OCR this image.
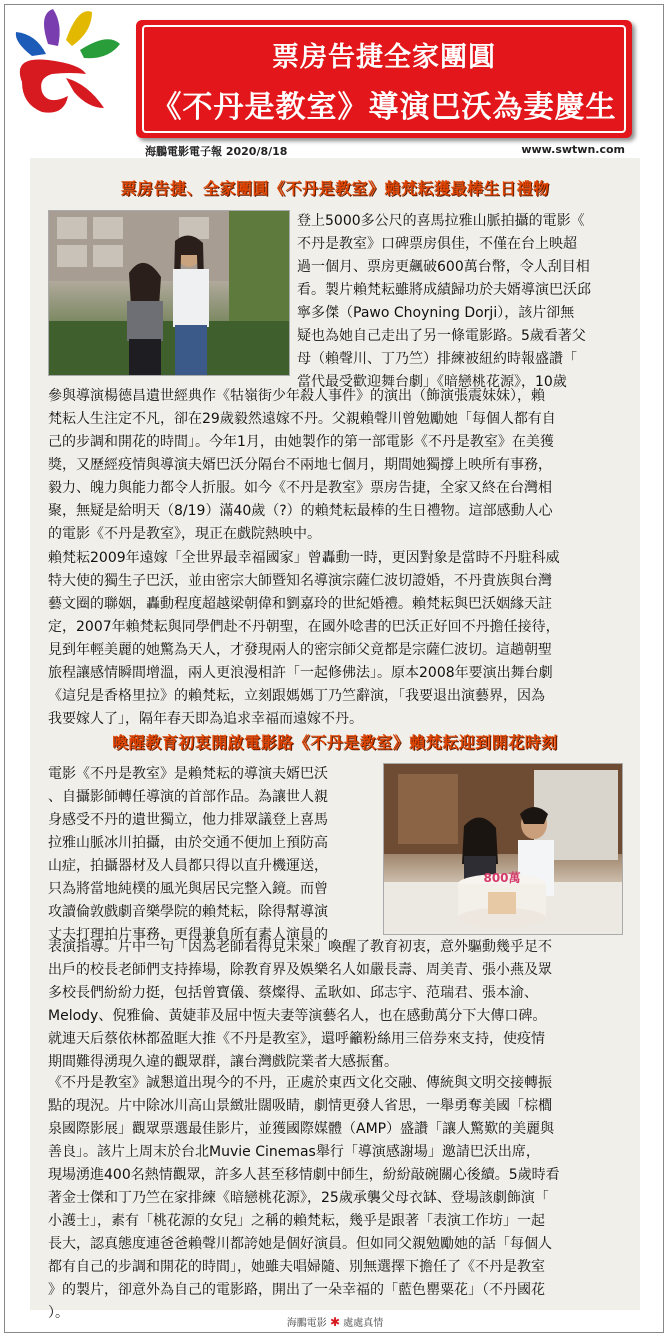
票房告捷全家團圓
《不丹是教室》導演巴沃為妻慶生
海鵬電影電子報 2020/8/18	www.swtwn.com
票房告捷、全家團圓《不丹是教室》賴梵耘獲最棒生日禮物

登上5000多公尺的喜馬拉雅山脈拍攝的電影《

不丹是教室》口碑票房俱佳，不僅在台上映超

過一個月、票房更飆破600萬台幣，令人刮目相

看。製片賴梵耘雖將成績歸功於夫婿導演巴沃邱

寧多傑（Pawo Choyning Dorji），該片卻無

疑也為她自己走出了另一條電影路。5歲看著父

母（賴聲川、丁乃竺）排練被紐約時報盛讚「

當代最受歡迎舞台劇」《暗戀桃花源》，10歲

參與導演楊德昌遺世經典作《牯嶺街少年殺人事件》的演出（飾演張震妹妹），賴

梵耘人生注定不凡，卻在29歲毅然遠嫁不丹。父親賴聲川曾勉勵她「每個人都有自

己的步調和開花的時間」。今年1月，由她製作的第一部電影《不丹是教室》在美獲

獎，又歷經疫情與導演夫婿巴沃分隔台不兩地七個月，期間她獨撐上映所有事務，

毅力、魄力與能力都令人折服。如今《不丹是教室》票房告捷，全家又終在台灣相

聚，無疑是給明天（8/19）滿40歲（?）的賴梵耘最棒的生日禮物。這部感動人心

的電影《不丹是教室》，現正在戲院熱映中。

賴梵耘2009年遠嫁「全世界最幸福國家」曾轟動一時，更因對象是當時不丹駐科威

特大使的獨生子巴沃，並由密宗大師暨知名導演宗薩仁波切證婚，不丹貴族與台灣

藝文圈的聯姻，轟動程度超越梁朝偉和劉嘉玲的世紀婚禮。賴梵耘與巴沃姻緣天註

定，2007年賴梵耘與同學們赴不丹朝聖，在國外唸書的巴沃正好回不丹擔任接待，

見到年輕美麗的她驚為天人，才發現兩人的密宗師父竟都是宗薩仁波切。這趟朝聖

旅程讓感情瞬間增溫，兩人更浪漫相許「一起修佛法」。原本2008年要演出舞台劇

《這兒是香格里拉》的賴梵耘，立刻跟媽媽丁乃竺辭演，「我要退出演藝界，因為

我要嫁人了」，隔年春天即為追求幸福而遠嫁不丹。

喚醒教育初衷開啟電影路《不丹是教室》賴梵耘迎到開花時刻

電影《不丹是教室》是賴梵耘的導演夫婿巴沃

、自攝影師轉任導演的首部作品。為讓世人親

身感受不丹的遺世獨立，他力排眾議登上喜馬

拉雅山脈冰川拍攝，由於交通不便加上預防高

山症，拍攝器材及人員都只得以直升機運送，

只為將當地純樸的風光與居民完整入鏡。而曾

攻讀倫敦戲劇音樂學院的賴梵耘，除得幫導演

丈夫打理拍片事務，更得兼負所有素人演員的

800萬

表演指導。片中一句「因為老師看得見未來」喚醒了教育初衷，意外驅動幾乎足不

出戶的校長老師們支持捧場，除教育界及娛樂名人如嚴長壽、周美青、張小燕及眾

多校長們紛紛力挺，包括曾寶儀、蔡燦得、孟耿如、邱志宇、范瑞君、張本渝、

Melody、倪雅倫、黃婕菲及屈中恆夫妻等演藝名人，也在感動萬分下大傳口碑。

就連天后蔡依林都盈眶大推《不丹是教室》，還呼籲粉絲用三倍券來支持，使疫情

期間難得湧現久違的觀眾群，讓台灣戲院業者大感振奮。

《不丹是教室》誠懇道出現今的不丹，正處於東西文化交融、傳統與文明交接轉振

點的現況。片中除冰川高山景緻壯闊吸睛，劇情更發人省思，一舉勇奪美國「棕櫚

泉國際影展」觀眾票選最佳影片，並獲國際媒體（AMP）盛讚「讓人驚歎的美麗與

善良」。該片上周末於台北Muvie Cinemas舉行「導演感謝場」邀請巴沃出席，

現場湧進400名熱情觀眾，許多人甚至移情劇中師生，紛紛敲碗關心後續。5歲時看

著金士傑和丁乃竺在家排練《暗戀桃花源》，25歲承襲父母衣缽、登場該劇飾演「

小護士」，素有「桃花源的女兒」之稱的賴梵耘，幾乎是跟著「表演工作坊」一起

長大，認真態度連爸爸賴聲川都誇她是個好演員。但如同父親勉勵她的話「每個人

都有自己的步調和開花的時間」，她雖夫唱婦隨、別無選擇下擔任了《不丹是教室

》的製片，卻意外為自己的電影路，開出了一朵幸福的「藍色罌粟花」（不丹國花

）。

海鵬電影 ✱ 處處真情
